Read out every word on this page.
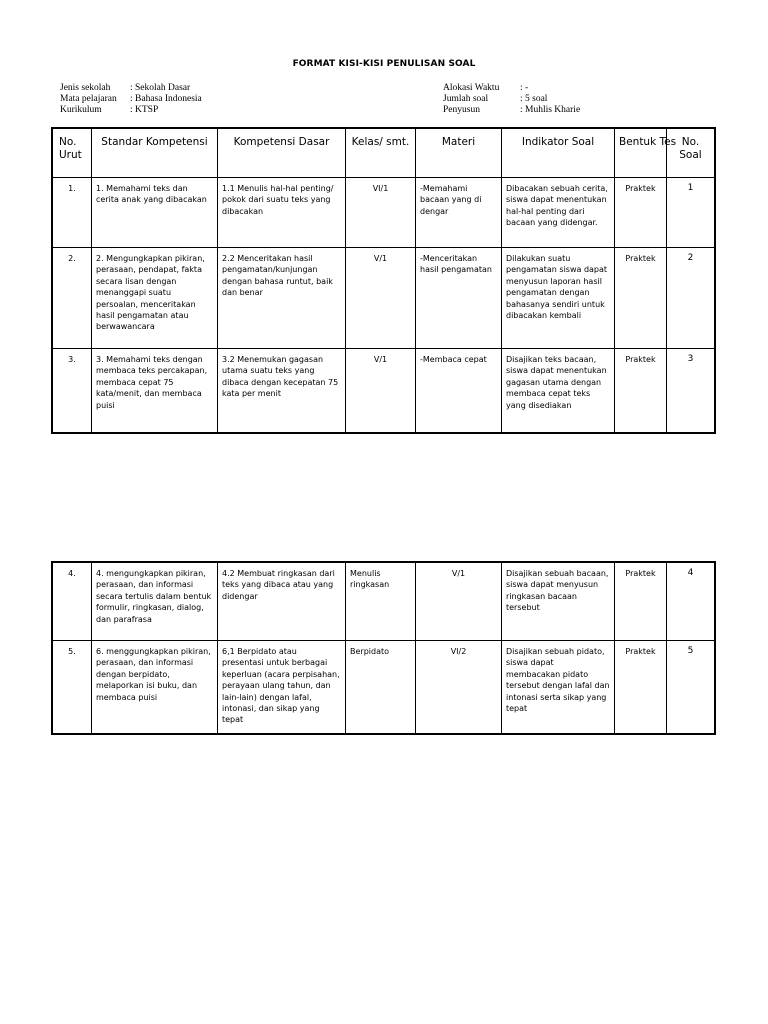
FORMAT KISI-KISI PENULISAN SOAL
Jenis sekolah	: Sekolah Dasar
Mata pelajaran	: Bahasa Indonesia
Kurikulum	: KTSP
Alokasi Waktu	: -
Jumlah soal	: 5 soal
Penyusun	: Muhlis Kharie
No. Urut	Standar Kompetensi	Kompetensi Dasar	Kelas/ smt.	Materi	Indikator Soal	Bentuk Tes	No. Soal
1.	1. Memahami teks dan cerita anak yang dibacakan	1.1 Menulis hal-hal penting/ pokok dari suatu teks yang dibacakan	VI/1	-Memahami bacaan yang di dengar	Dibacakan sebuah cerita, siswa dapat menentukan hal-hal penting dari bacaan yang didengar.	Praktek	1
2.	2. Mengungkapkan pikiran, perasaan, pendapat, fakta secara lisan dengan menanggapi suatu persoalan, menceritakan hasil pengamatan atau berwawancara	2.2 Menceritakan hasil pengamatan/kunjungan dengan bahasa runtut, baik dan benar	V/1	-Menceritakan hasil pengamatan	Dilakukan suatu pengamatan siswa dapat menyusun laporan hasil pengamatan dengan bahasanya sendiri untuk dibacakan kembali	Praktek	2
3.	3. Memahami teks dengan membaca teks percakapan, membaca cepat 75 kata/menit, dan membaca puisi	3.2 Menemukan gagasan utama suatu teks yang dibaca dengan kecepatan 75 kata per menit	V/1	-Membaca cepat	Disajikan teks bacaan, siswa dapat menentukan gagasan utama dengan membaca cepat teks yang disediakan	Praktek	3
4.	4. mengungkapkan pikiran, perasaan, dan informasi secara tertulis dalam bentuk formulir, ringkasan, dialog, dan parafrasa	4.2 Membuat ringkasan dari teks yang dibaca atau yang didengar	Menulis ringkasan	V/1	Disajikan sebuah bacaan, siswa dapat menyusun ringkasan bacaan tersebut	Praktek	4
5.	6. menggungkapkan pikiran, perasaan, dan informasi dengan berpidato, melaporkan isi buku, dan membaca puisi	6,1 Berpidato atau presentasi untuk berbagai keperluan (acara perpisahan, perayaan ulang tahun, dan lain-lain) dengan lafal, intonasi, dan sikap yang tepat	Berpidato	VI/2	Disajikan sebuah pidato, siswa dapat membacakan pidato tersebut dengan lafal dan intonasi serta sikap yang tepat	Praktek	5
